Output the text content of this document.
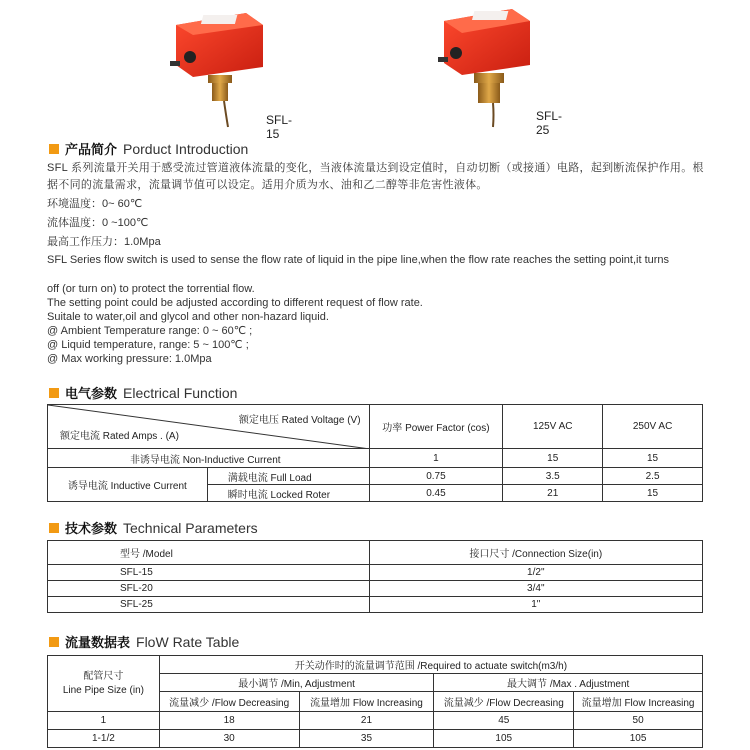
SFL-15
SFL-25
产品简介 Porduct Introduction
SFL 系列流量开关用于感受流过管道液体流量的变化，当液体流量达到设定值时，自动切断（或接通）电路，起到断流保护作用。根据不同的流量需求，流量调节值可以设定。适用介质为水、油和乙二醇等非危害性液体。
环境温度：0~ 60℃
流体温度：0 ~100℃
最高工作压力：1.0Mpa
SFL Series flow switch is used to sense the flow rate of liquid in the pipe line,when the flow rate reaches the setting point,it turns
off (or turn on) to protect the torrential flow.
The setting point could be adjusted according to different request of flow rate.
Suitale to water,oil and glycol and other non-hazard liquid.
@ Ambient Temperature range: 0 ~ 60℃ ;
@ Liquid temperature, range: 5 ~ 100℃ ;
@ Max working pressure: 1.0Mpa
电气参数 Electrical Function
额定电压 Rated Voltage (V)
额定电流 Rated Amps . (A)		功率 Power Factor (cos)	125V AC	250V AC
非诱导电流 Non-Inductive Current		1	15	15
诱导电流 Inductive Current	满载电流 Full Load	0.75	3.5	2.5
	瞬时电流 Locked Roter	0.45	21	15
技术参数 Technical Parameters
型号 /Model	接口尺寸 /Connection Size(in)
SFL-15	1/2"
SFL-20	3/4"
SFL-25	1"
流量数据表 FloW Rate Table
配管尺寸
Line Pipe Size (in)	开关动作时的流量调节范围 /Required to actuate switch(m3/h)			
	最小调节 /Min, Adjustment		最大调节 /Max . Adjustment	
	流量减少 /Flow Decreasing	流量增加 Flow Increasing	流量减少 /Flow Decreasing	流量增加 Flow Increasing
1	18	21	45	50
1-1/2	30	35	105	105
